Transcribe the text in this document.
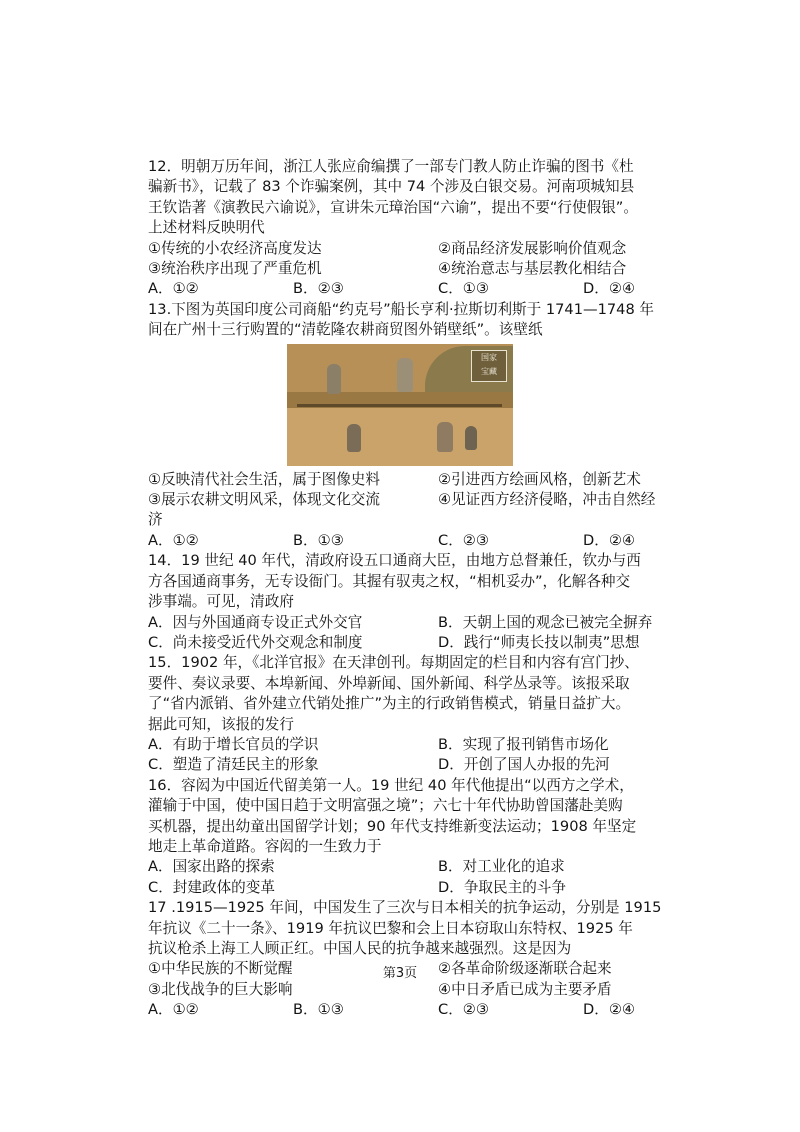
12．明朝万历年间，浙江人张应俞编撰了一部专门教人防止诈骗的图书《杜
骗新书》，记载了 83 个诈骗案例，其中 74 个涉及白银交易。河南项城知县
王钦诰著《演教民六谕说》，宣讲朱元璋治国“六谕”，提出不要“行使假银”。
上述材料反映明代
①传统的小农经济高度发达	②商品经济发展影响价值观念
③统治秩序出现了严重危机	④统治意志与基层教化相结合
A．①②	B．②③	C．①③	D．②④
13.下图为英国印度公司商船“约克号”船长亨利·拉斯切利斯于 1741—1748 年
间在广州十三行购置的“清乾隆农耕商贸图外销壁纸”。该壁纸
国家
宝藏
①反映清代社会生活，属于图像史料	②引进西方绘画风格，创新艺术
③展示农耕文明风采，体现文化交流	④见证西方经济侵略，冲击自然经
济
A．①②	B．①③	C．②③	D．②④
14．19 世纪 40 年代，清政府设五口通商大臣，由地方总督兼任，钦办与西
方各国通商事务，无专设衙门。其握有驭夷之权，“相机妥办”，化解各种交
涉事端。可见，清政府
A．因与外国通商专设正式外交官	B．天朝上国的观念已被完全摒弃
C．尚未接受近代外交观念和制度	D．践行“师夷长技以制夷”思想
15．1902 年，《北洋官报》在天津创刊。每期固定的栏目和内容有宫门抄、
要件、奏议录要、本埠新闻、外埠新闻、国外新闻、科学丛录等。该报采取
了“省内派销、省外建立代销处推广”为主的行政销售模式，销量日益扩大。
据此可知，该报的发行
A．有助于增长官员的学识	B．实现了报刊销售市场化
C．塑造了清廷民主的形象	D．开创了国人办报的先河
16．容闳为中国近代留美第一人。19 世纪 40 年代他提出“以西方之学术，
灌输于中国，使中国日趋于文明富强之境”；六七十年代协助曾国藩赴美购
买机器，提出幼童出国留学计划；90 年代支持维新变法运动；1908 年坚定
地走上革命道路。容闳的一生致力于
A．国家出路的探索	B．对工业化的追求
C．封建政体的变革	D．争取民主的斗争
17 .1915—1925 年间，中国发生了三次与日本相关的抗争运动，分别是 1915
年抗议《二十一条》、1919 年抗议巴黎和会上日本窃取山东特权、1925 年
抗议枪杀上海工人顾正红。中国人民的抗争越来越强烈。这是因为
①中华民族的不断觉醒	②各革命阶级逐渐联合起来
③北伐战争的巨大影响	④中日矛盾已成为主要矛盾
A．①②	B．①③	C．②③	D．②④
第3页
